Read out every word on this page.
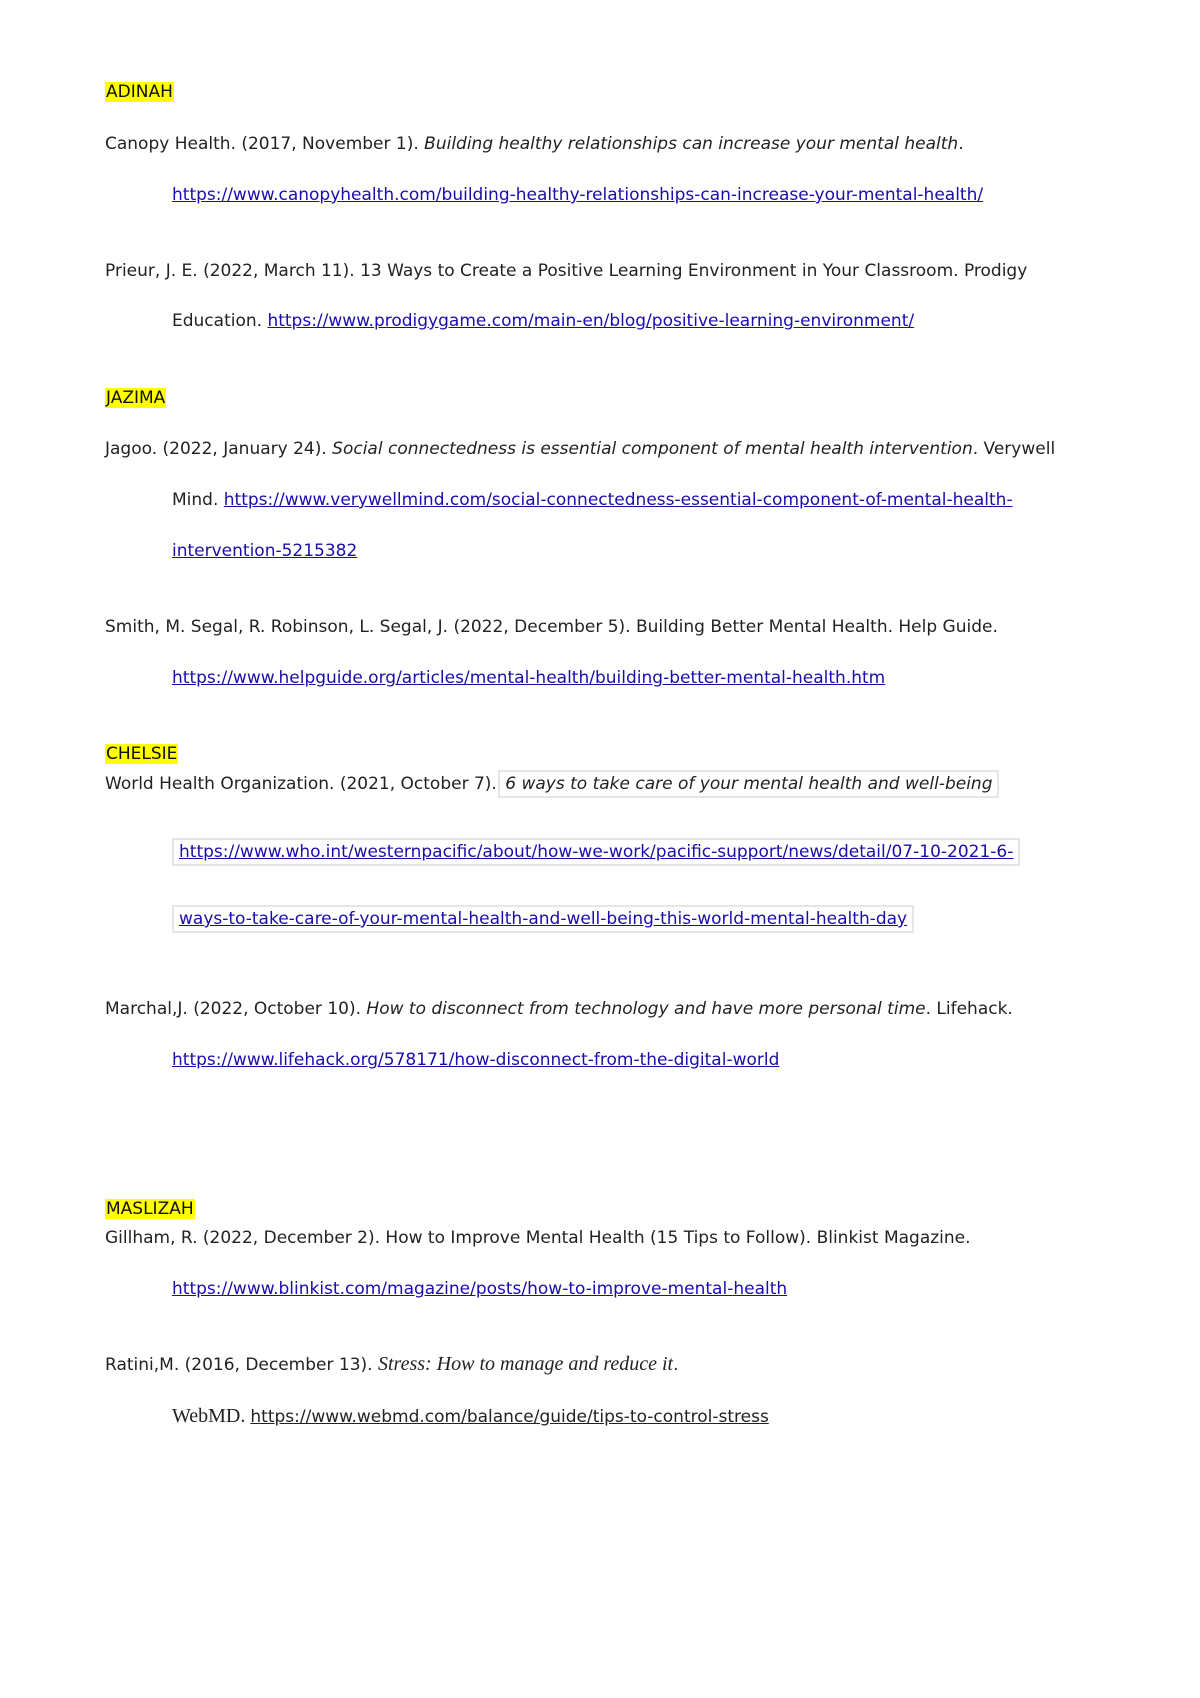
ADINAH
Canopy Health. (2017, November 1). Building healthy relationships can increase your mental health.
https://www.canopyhealth.com/building-healthy-relationships-can-increase-your-mental-health/
Prieur, J. E. (2022, March 11). 13 Ways to Create a Positive Learning Environment in Your Classroom. Prodigy
Education. https://www.prodigygame.com/main-en/blog/positive-learning-environment/
JAZIMA
Jagoo. (2022, January 24). Social connectedness is essential component of mental health intervention. Verywell
Mind. https://www.verywellmind.com/social-connectedness-essential-component-of-mental-health-
intervention-5215382
Smith, M. Segal, R. Robinson, L. Segal, J. (2022, December 5). Building Better Mental Health. Help Guide.
https://www.helpguide.org/articles/mental-health/building-better-mental-health.htm
CHELSIE
World Health Organization. (2021, October 7). 6 ways to take care of your mental health and well-being .
https://www.who.int/westernpacific/about/how-we-work/pacific-support/news/detail/07-10-2021-6-
ways-to-take-care-of-your-mental-health-and-well-being-this-world-mental-health-day
Marchal,J. (2022, October 10). How to disconnect from technology and have more personal time. Lifehack.
https://www.lifehack.org/578171/how-disconnect-from-the-digital-world
MASLIZAH
Gillham, R. (2022, December 2). How to Improve Mental Health (15 Tips to Follow). Blinkist Magazine.
https://www.blinkist.com/magazine/posts/how-to-improve-mental-health
Ratini,M. (2016, December 13). Stress: How to manage and reduce it.
WebMD. https://www.webmd.com/balance/guide/tips-to-control-stress
